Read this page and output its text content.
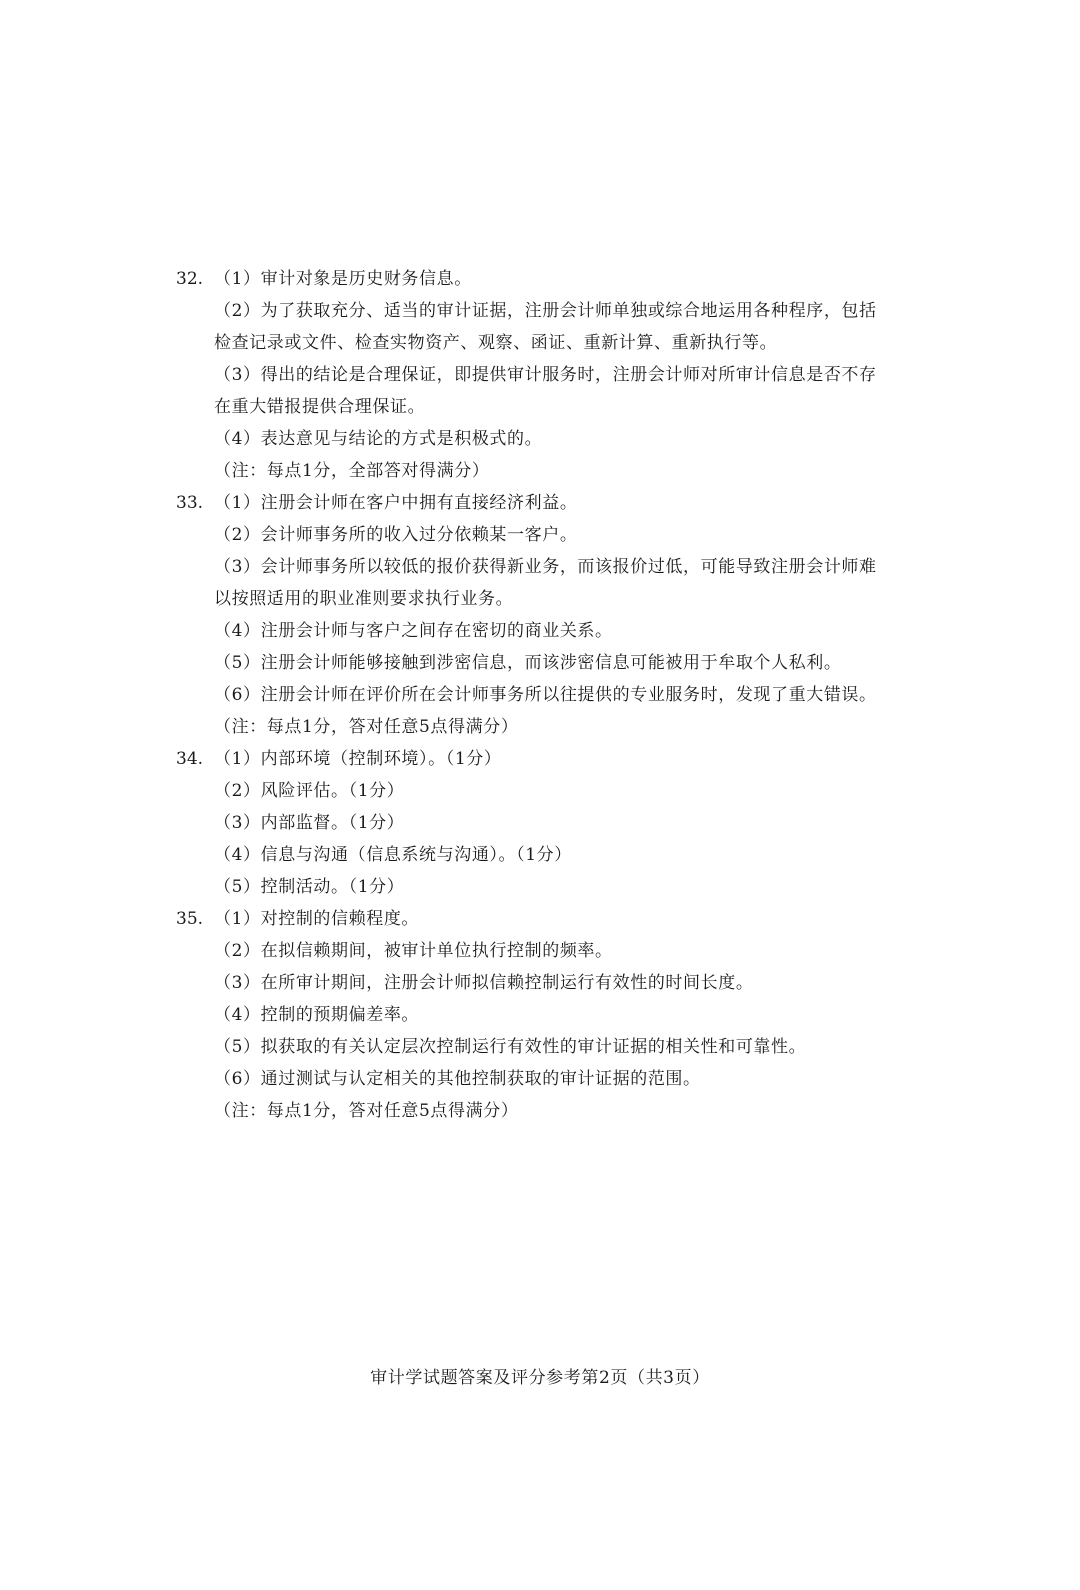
32. （1）审计对象是历史财务信息。
（2）为了获取充分、适当的审计证据，注册会计师单独或综合地运用各种程序，包括检查记录或文件、检查实物资产、观察、函证、重新计算、重新执行等。
（3）得出的结论是合理保证，即提供审计服务时，注册会计师对所审计信息是否不存在重大错报提供合理保证。
（4）表达意见与结论的方式是积极式的。
（注：每点1分，全部答对得满分）
33. （1）注册会计师在客户中拥有直接经济利益。
（2）会计师事务所的收入过分依赖某一客户。
（3）会计师事务所以较低的报价获得新业务，而该报价过低，可能导致注册会计师难以按照适用的职业准则要求执行业务。
（4）注册会计师与客户之间存在密切的商业关系。
（5）注册会计师能够接触到涉密信息，而该涉密信息可能被用于牟取个人私利。
（6）注册会计师在评价所在会计师事务所以往提供的专业服务时，发现了重大错误。
（注：每点1分，答对任意5点得满分）
34. （1）内部环境（控制环境）。（1分）
（2）风险评估。（1分）
（3）内部监督。（1分）
（4）信息与沟通（信息系统与沟通）。（1分）
（5）控制活动。（1分）
35. （1）对控制的信赖程度。
（2）在拟信赖期间，被审计单位执行控制的频率。
（3）在所审计期间，注册会计师拟信赖控制运行有效性的时间长度。
（4）控制的预期偏差率。
（5）拟获取的有关认定层次控制运行有效性的审计证据的相关性和可靠性。
（6）通过测试与认定相关的其他控制获取的审计证据的范围。
（注：每点1分，答对任意5点得满分）
审计学试题答案及评分参考第2页（共3页）
